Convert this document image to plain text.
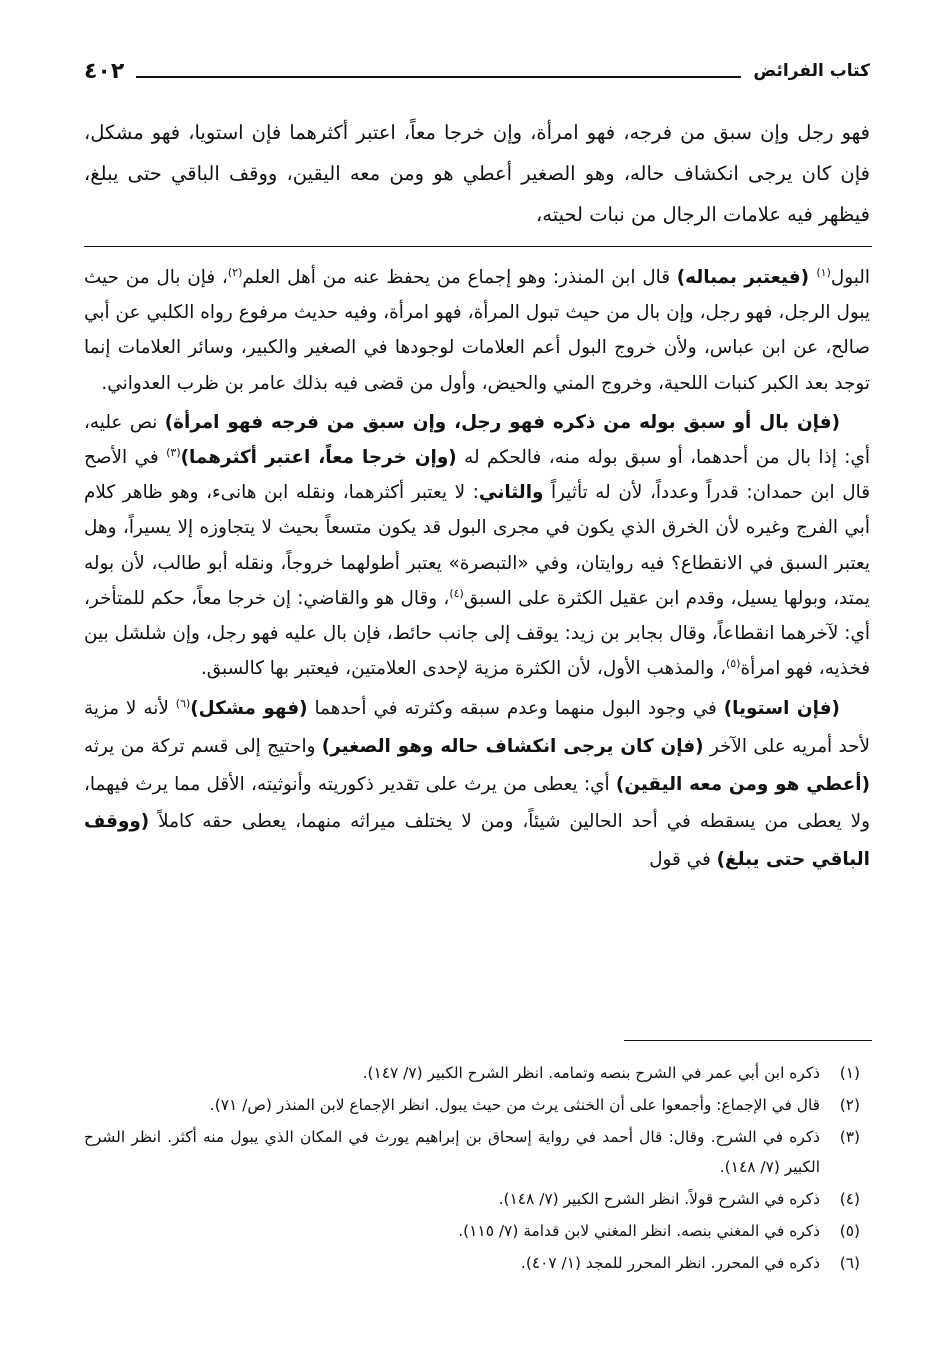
٤٠٢	كتاب الفرائض

فهو رجل وإن سبق من فرجه، فهو امرأة، وإن خرجا معاً، اعتبر أكثرهما فإن استويا، فهو مشكل، فإن كان يرجى انكشاف حاله، وهو الصغير أعطي هو ومن معه اليقين، ووقف الباقي حتى يبلغ، فيظهر فيه علامات الرجال من نبات لحيته،

البول$^{(١)}$ (فيعتبر بمباله) قال ابن المنذر: وهو إجماع من يحفظ عنه من أهل العلم$^{(٢)}$، فإن بال من حيث يبول الرجل، فهو رجل، وإن بال من حيث تبول المرأة، فهو امرأة، وفيه حديث مرفوع رواه الكلبي عن أبي صالح، عن ابن عباس، ولأن خروج البول أعم العلامات لوجودها في الصغير والكبير، وسائر العلامات إنما توجد بعد الكبر كنبات اللحية، وخروج المني والحيض، وأول من قضى فيه بذلك عامر بن ظرب العدواني.

(فإن بال أو سبق بوله من ذكره فهو رجل، وإن سبق من فرجه فهو امرأة) نص عليه، أي: إذا بال من أحدهما، أو سبق بوله منه، فالحكم له (وإن خرجا معاً، اعتبر أكثرهما)$^{(٣)}$ في الأصح قال ابن حمدان: قدراً وعدداً، لأن له تأثيراً والثاني: لا يعتبر أكثرهما، ونقله ابن هانىء، وهو ظاهر كلام أبي الفرج وغيره لأن الخرق الذي يكون في مجرى البول قد يكون متسعاً بحيث لا يتجاوزه إلا يسيراً، وهل يعتبر السبق في الانقطاع؟ فيه روايتان، وفي «التبصرة» يعتبر أطولهما خروجاً، ونقله أبو طالب، لأن بوله يمتد، وبولها يسيل، وقدم ابن عقيل الكثرة على السبق$^{(٤)}$، وقال هو والقاضي: إن خرجا معاً، حكم للمتأخر، أي: لآخرهما انقطاعاً، وقال بجابر بن زيد: يوقف إلى جانب حائط، فإن بال عليه فهو رجل، وإن شلشل بين فخذيه، فهو امرأة$^{(٥)}$، والمذهب الأول، لأن الكثرة مزية لإحدى العلامتين، فيعتبر بها كالسبق.

(فإن استويا) في وجود البول منهما وعدم سبقه وكثرته في أحدهما (فهو مشكل)$^{(٦)}$ لأنه لا مزية لأحد أمريه على الآخر (فإن كان يرجى انكشاف حاله وهو الصغير) واحتيج إلى قسم تركة من يرثه (أعطي هو ومن معه اليقين) أي: يعطى من يرث على تقدير ذكوريته وأنوثيته، الأقل مما يرث فيهما، ولا يعطى من يسقطه في أحد الحالين شيئاً، ومن لا يختلف ميراثه منهما، يعطى حقه كاملاً (ووقف الباقي حتى يبلغ) في قول

(١)
ذكره ابن أبي عمر في الشرح بنصه وتمامه. انظر الشرح الكبير (٧/ ١٤٧).
(٢)
قال في الإجماع: وأجمعوا على أن الخنثى يرث من حيث يبول. انظر الإجماع لابن المنذر (ص/ ٧١).
(٣)
ذكره في الشرح. وقال: قال أحمد في رواية إسحاق بن إبراهيم يورث في المكان الذي يبول منه أكثر. انظر الشرح الكبير (٧/ ١٤٨).
(٤)
ذكره في الشرح قولاً. انظر الشرح الكبير (٧/ ١٤٨).
(٥)
ذكره في المغني بنصه. انظر المغني لابن قدامة (٧/ ١١٥).
(٦)
ذكره في المحرر. انظر المحرر للمجد (١/ ٤٠٧).
